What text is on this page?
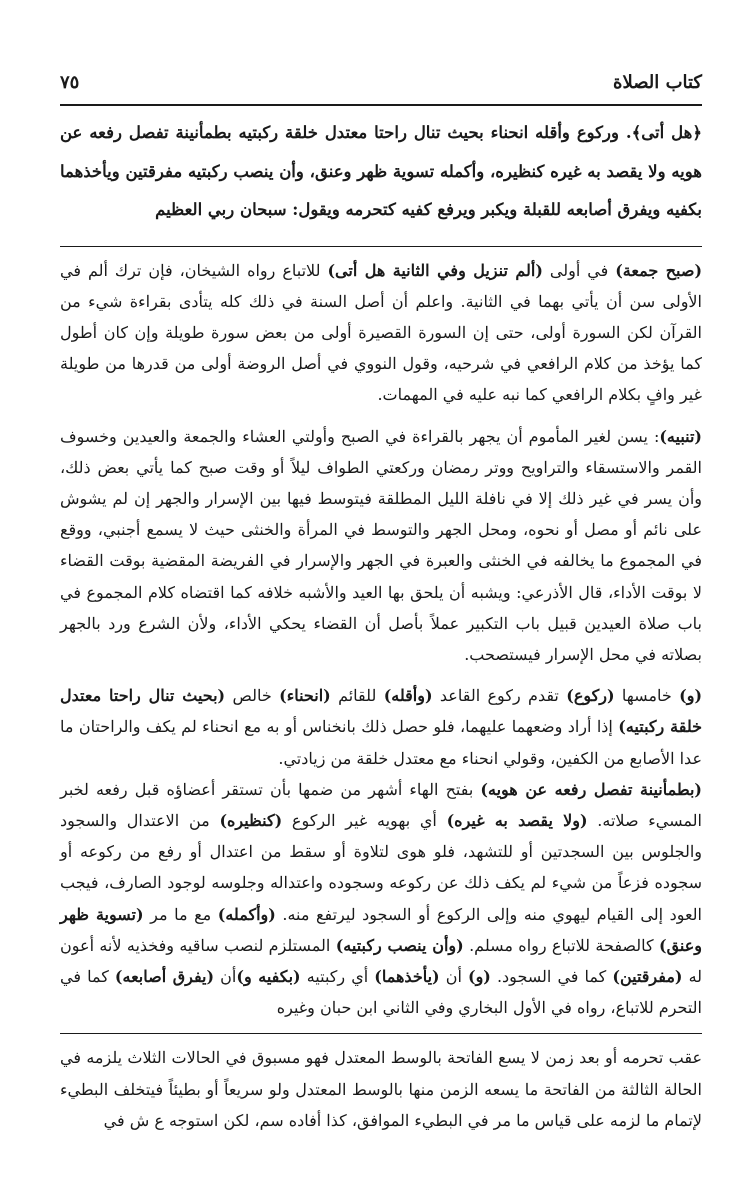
كتاب الصلاة
٧٥

﴿هل أتى﴾. وركوع وأقله انحناء بحيث تنال راحتا معتدل خلقة ركبتيه بطمأنينة تفصل رفعه عن هويه ولا يقصد به غيره كنظيره، وأكمله تسوية ظهر وعنق، وأن ينصب ركبتيه مفرقتين ويأخذهما بكفيه ويفرق أصابعه للقبلة ويكبر ويرفع كفيه كتحرمه ويقول: سبحان ربي العظيم

(صبح جمعة) في أولى (ألم تنزيل وفي الثانية هل أتى) للاتباع رواه الشيخان، فإن ترك ألم في الأولى سن أن يأتي بهما في الثانية. واعلم أن أصل السنة في ذلك كله يتأدى بقراءة شيء من القرآن لكن السورة أولى، حتى إن السورة القصيرة أولى من بعض سورة طويلة وإن كان أطول كما يؤخذ من كلام الرافعي في شرحيه، وقول النووي في أصل الروضة أولى من قدرها من طويلة غير وافٍ بكلام الرافعي كما نبه عليه في المهمات.

(تنبيه): يسن لغير المأموم أن يجهر بالقراءة في الصبح وأولتي العشاء والجمعة والعيدين وخسوف القمر والاستسقاء والتراويح ووتر رمضان وركعتي الطواف ليلاً أو وقت صبح كما يأتي بعض ذلك، وأن يسر في غير ذلك إلا في نافلة الليل المطلقة فيتوسط فيها بين الإسرار والجهر إن لم يشوش على نائم أو مصل أو نحوه، ومحل الجهر والتوسط في المرأة والخنثى حيث لا يسمع أجنبي، ووقع في المجموع ما يخالفه في الخنثى والعبرة في الجهر والإسرار في الفريضة المقضية بوقت القضاء لا بوقت الأداء، قال الأذرعي: ويشبه أن يلحق بها العيد والأشبه خلافه كما اقتضاه كلام المجموع في باب صلاة العيدين قبيل باب التكبير عملاً بأصل أن القضاء يحكي الأداء، ولأن الشرع ورد بالجهر بصلاته في محل الإسرار فيستصحب.

(و) خامسها (ركوع) تقدم ركوع القاعد (وأقله) للقائم (انحناء) خالص (بحيث تنال راحتا معتدل خلقة ركبتيه) إذا أراد وضعهما عليهما، فلو حصل ذلك بانخناس أو به مع انحناء لم يكف والراحتان ما عدا الأصابع من الكفين، وقولي انحناء مع معتدل خلقة من زيادتي.

(بطمأنينة تفصل رفعه عن هويه) بفتح الهاء أشهر من ضمها بأن تستقر أعضاؤه قبل رفعه لخبر المسيء صلاته. (ولا يقصد به غيره) أي بهويه غير الركوع (كنظيره) من الاعتدال والسجود والجلوس بين السجدتين أو للتشهد، فلو هوى لتلاوة أو سقط من اعتدال أو رفع من ركوعه أو سجوده فزعاً من شيء لم يكف ذلك عن ركوعه وسجوده واعتداله وجلوسه لوجود الصارف، فيجب العود إلى القيام ليهوي منه وإلى الركوع أو السجود ليرتفع منه. (وأكمله) مع ما مر (تسوية ظهر وعنق) كالصفحة للاتباع رواه مسلم. (وأن ينصب ركبتيه) المستلزم لنصب ساقيه وفخذيه لأنه أعون له (مفرقتين) كما في السجود. (و) أن (يأخذهما) أي ركبتيه (بكفيه و)أن (يفرق أصابعه) كما في التحرم للاتباع، رواه في الأول البخاري وفي الثاني ابن حبان وغيره

عقب تحرمه أو بعد زمن لا يسع الفاتحة بالوسط المعتدل فهو مسبوق في الحالات الثلاث يلزمه في الحالة الثالثة من الفاتحة ما يسعه الزمن منها بالوسط المعتدل ولو سريعاً أو بطيئاً فيتخلف البطيء لإتمام ما لزمه على قياس ما مر في البطيء الموافق، كذا أفاده سم، لكن استوجه ع ش في
